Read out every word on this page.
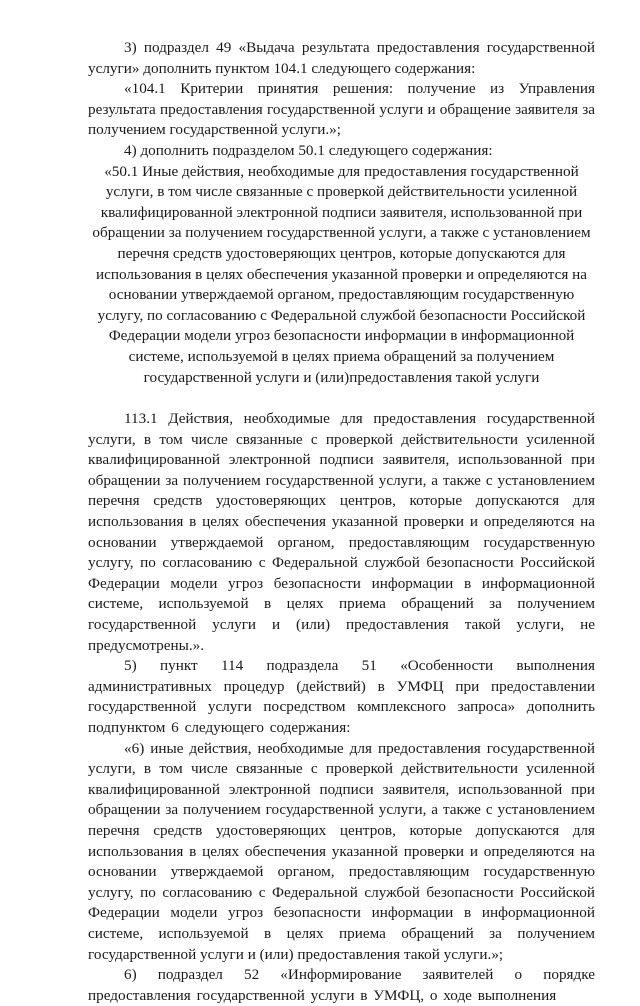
3) подраздел 49 «Выдача результата предоставления государственной услуги» дополнить пунктом 104.1 следующего содержания:

«104.1 Критерии принятия решения: получение из Управления результата предоставления государственной услуги и обращение заявителя за получением государственной услуги.»;

4) дополнить подразделом 50.1 следующего содержания:

«50.1 Иные действия, необходимые для предоставления государственной услуги, в том числе связанные с проверкой действительности усиленной квалифицированной электронной подписи заявителя, использованной при обращении за получением государственной услуги, а также с установлением перечня средств удостоверяющих центров, которые допускаются для использования в целях обеспечения указанной проверки и определяются на основании утверждаемой органом, предоставляющим государственную услугу, по согласованию с Федеральной службой безопасности Российской Федерации модели угроз безопасности информации в информационной системе, используемой в целях приема обращений за получением государственной услуги и (или)предоставления такой услуги

113.1 Действия, необходимые для предоставления государственной услуги, в том числе связанные с проверкой действительности усиленной квалифицированной электронной подписи заявителя, использованной при обращении за получением государственной услуги, а также с установлением перечня средств удостоверяющих центров, которые допускаются для использования в целях обеспечения указанной проверки и определяются на основании утверждаемой органом, предоставляющим государственную услугу, по согласованию с Федеральной службой безопасности Российской Федерации модели угроз безопасности информации в информационной системе, используемой в целях приема обращений за получением государственной услуги и (или) предоставления такой услуги, не предусмотрены.».

5) пункт 114 подраздела 51 «Особенности выполнения административных процедур (действий) в УМФЦ при предоставлении государственной услуги посредством комплексного запроса» дополнить подпунктом 6 следующего содержания:

«6) иные действия, необходимые для предоставления государственной услуги, в том числе связанные с проверкой действительности усиленной квалифицированной электронной подписи заявителя, использованной при обращении за получением государственной услуги, а также с установлением перечня средств удостоверяющих центров, которые допускаются для использования в целях обеспечения указанной проверки и определяются на основании утверждаемой органом, предоставляющим государственную услугу, по согласованию с Федеральной службой безопасности Российской Федерации модели угроз безопасности информации в информационной системе, используемой в целях приема обращений за получением государственной услуги и (или) предоставления такой услуги.»;

6) подраздел 52 «Информирование заявителей о порядке предоставления государственной услуги в УМФЦ, о ходе выполнения
